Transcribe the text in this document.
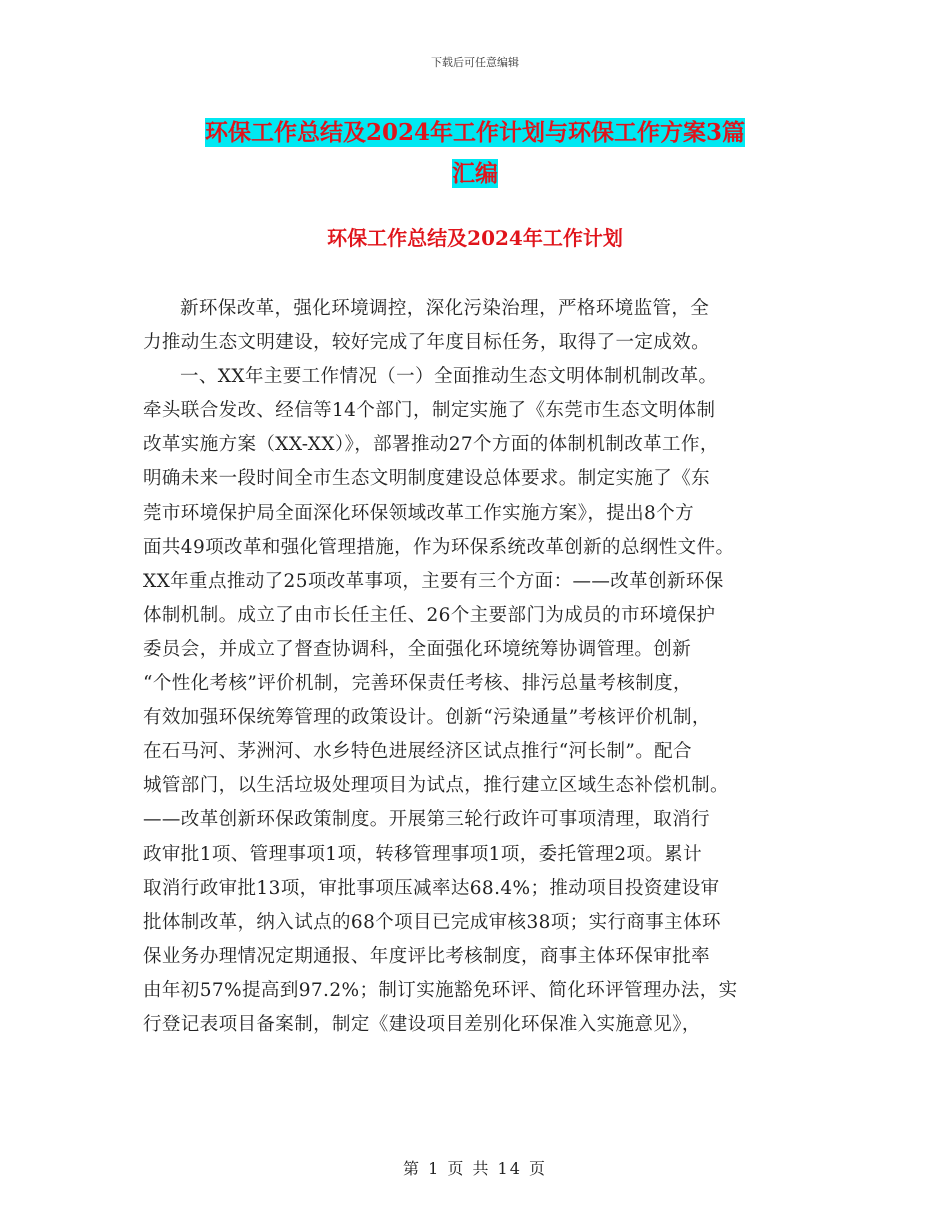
下载后可任意编辑
环保工作总结及2024年工作计划与环保工作方案3篇
汇编
环保工作总结及2024年工作计划
新环保改革，强化环境调控，深化污染治理，严格环境监管，全
力推动生态文明建设，较好完成了年度目标任务，取得了一定成效。
一、XX年主要工作情况（一）全面推动生态文明体制机制改革。
牵头联合发改、经信等14个部门，制定实施了《东莞市生态文明体制
改革实施方案（XX-XX）》，部署推动27个方面的体制机制改革工作，
明确未来一段时间全市生态文明制度建设总体要求。制定实施了《东
莞市环境保护局全面深化环保领域改革工作实施方案》，提出8个方
面共49项改革和强化管理措施，作为环保系统改革创新的总纲性文件。
XX年重点推动了25项改革事项，主要有三个方面：——改革创新环保
体制机制。成立了由市长任主任、26个主要部门为成员的市环境保护
委员会，并成立了督查协调科，全面强化环境统筹协调管理。创新
“个性化考核”评价机制，完善环保责任考核、排污总量考核制度，
有效加强环保统筹管理的政策设计。创新“污染通量”考核评价机制，
在石马河、茅洲河、水乡特色进展经济区试点推行“河长制”。配合
城管部门，以生活垃圾处理项目为试点，推行建立区域生态补偿机制。
——改革创新环保政策制度。开展第三轮行政许可事项清理，取消行
政审批1项、管理事项1项，转移管理事项1项，委托管理2项。累计
取消行政审批13项，审批事项压减率达68.4%；推动项目投资建设审
批体制改革，纳入试点的68个项目已完成审核38项；实行商事主体环
保业务办理情况定期通报、年度评比考核制度，商事主体环保审批率
由年初57%提高到97.2%；制订实施豁免环评、简化环评管理办法，实
行登记表项目备案制，制定《建设项目差别化环保准入实施意见》，
第 1 页 共 14 页
